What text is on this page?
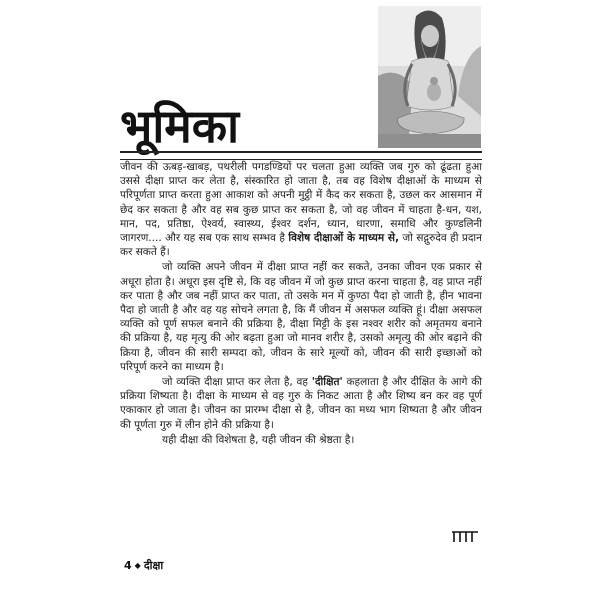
भूमिका

जीवन की ऊबड़-खाबड़, पथरीली पगडण्डियों पर चलता हुआ व्यक्ति जब गुरु को ढूंढता हुआ उससे दीक्षा प्राप्त कर लेता है, संस्कारित हो जाता है, तब वह विशेष दीक्षाओं के माध्यम से परिपूर्णता प्राप्त करता हुआ आकाश को अपनी मुट्ठी में कैद कर सकता है, उछल कर आसमान में छेद कर सकता है और वह सब कुछ प्राप्त कर सकता है, जो वह जीवन में चाहता है-धन, यश, मान, पद, प्रतिष्ठा, ऐश्वर्य, स्वास्थ्य, ईश्वर दर्शन, ध्यान, धारणा, समाधि और कुण्डलिनी जागरण.... और यह सब एक साथ सम्भव है विशेष दीक्षाओं के माध्यम से, जो सद्गुरुदेव ही प्रदान कर सकते हैं।

जो व्यक्ति अपने जीवन में दीक्षा प्राप्त नहीं कर सकते, उनका जीवन एक प्रकार से अधूरा होता है। अधूरा इस दृष्टि से, कि वह जीवन में जो कुछ प्राप्त करना चाहता है, वह प्राप्त नहीं कर पाता है और जब नहीं प्राप्त कर पाता, तो उसके मन में कुण्ठा पैदा हो जाती है, हीन भावना पैदा हो जाती है और वह यह सोचने लगता है, कि मैं जीवन में असफल व्यक्ति हूं। दीक्षा असफल व्यक्ति को पूर्ण सफल बनाने की प्रक्रिया है, दीक्षा मिट्टी के इस नश्वर शरीर को अमृतमय बनाने की प्रक्रिया है, यह मृत्यु की ओर बढ़ता हुआ जो मानव शरीर है, उसको अमृत्यु की ओर बढ़ाने की क्रिया है, जीवन की सारी सम्पदा को, जीवन के सारे मूल्यों को, जीवन की सारी इच्छाओं को परिपूर्ण करने का माध्यम है।

जो व्यक्ति दीक्षा प्राप्त कर लेता है, वह 'दीक्षित' कहलाता है और दीक्षित के आगे की प्रक्रिया शिष्यता है। दीक्षा के माध्यम से वह गुरु के निकट आता है और शिष्य बन कर वह पूर्ण एकाकार हो जाता है। जीवन का प्रारम्भ दीक्षा से है, जीवन का मध्य भाग शिष्यता है और जीवन की पूर्णता गुरु में लीन होने की प्रक्रिया है।

यही दीक्षा की विशेषता है, यही जीवन की श्रेष्ठता है।

4 ◆ दीक्षा
